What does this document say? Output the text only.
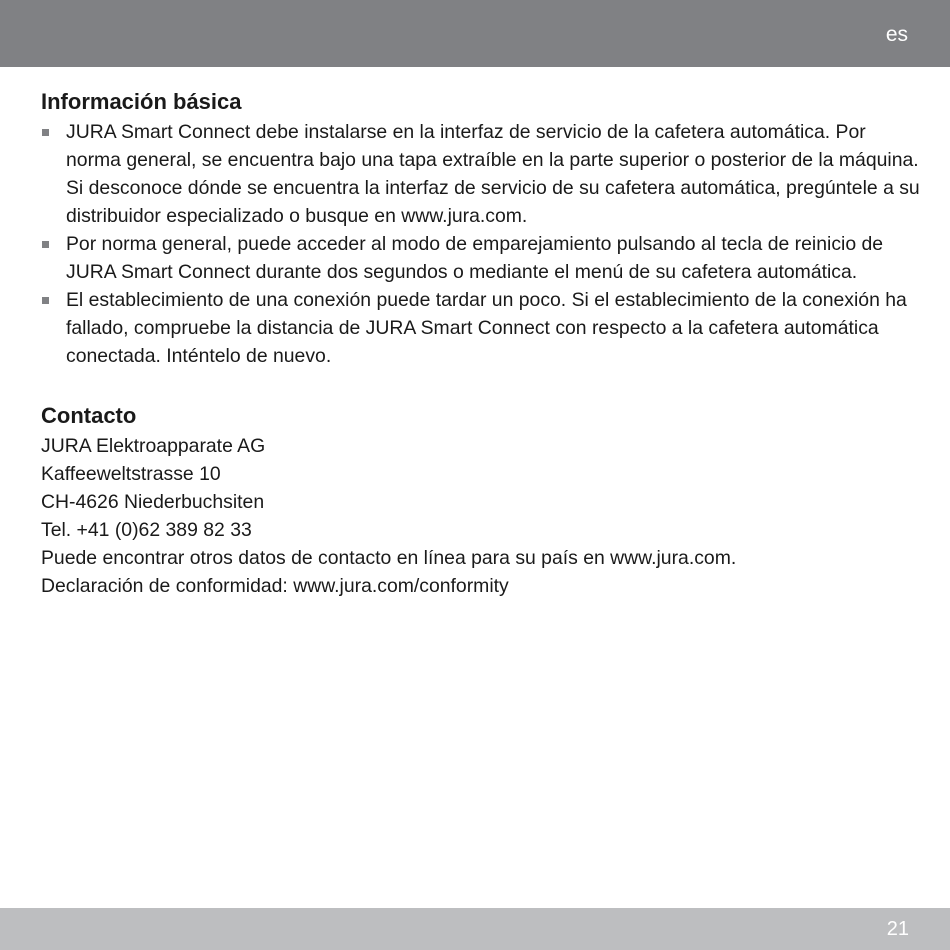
es
Información básica
JURA Smart Connect debe instalarse en la interfaz de servicio de la cafetera automática. Por norma general, se encuentra bajo una tapa extraíble en la parte superior o posterior de la máquina. Si desconoce dónde se encuentra la interfaz de servicio de su cafetera automática, pregúntele a su distribuidor especializado o busque en www.jura.com.
Por norma general, puede acceder al modo de emparejamiento pulsando al tecla de reinicio de JURA Smart Connect durante dos segundos o mediante el menú de su cafetera automática.
El establecimiento de una conexión puede tardar un poco. Si el establecimiento de la conexión ha fallado, compruebe la distancia de JURA Smart Connect con respecto a la cafetera automática conectada. Inténtelo de nuevo.
Contacto
JURA Elektroapparate AG
Kaffeeweltstrasse 10
CH-4626 Niederbuchsiten
Tel. +41 (0)62 389 82 33
Puede encontrar otros datos de contacto en línea para su país en www.jura.com.
Declaración de conformidad: www.jura.com/conformity
21
